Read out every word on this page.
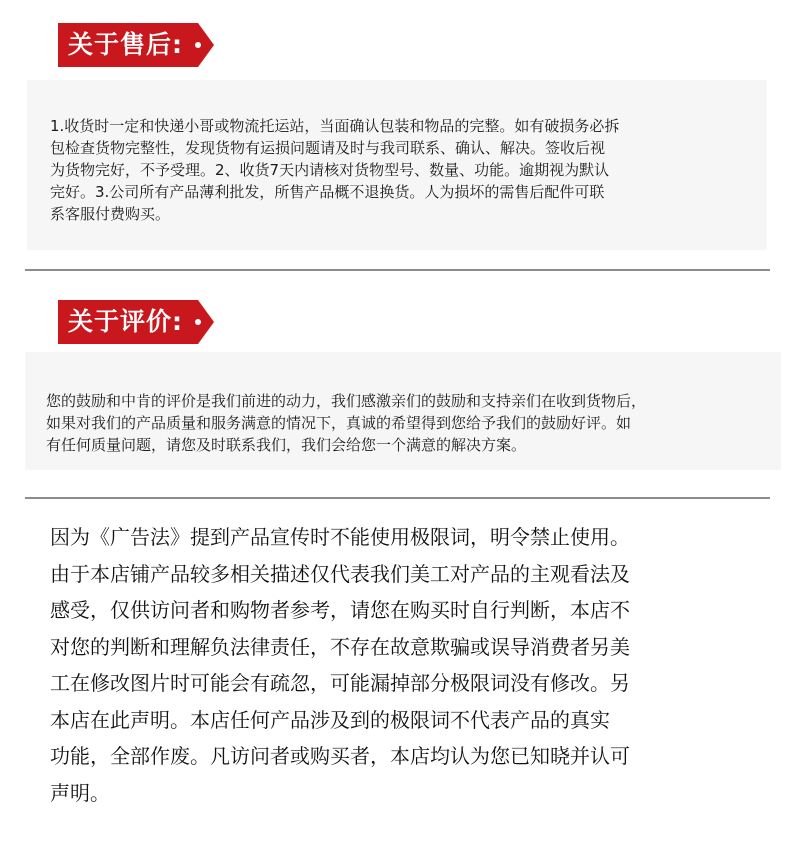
关于售后:
1.收货时一定和快递小哥或物流托运站，当面确认包装和物品的完整。如有破损务必拆
包检查货物完整性，发现货物有运损问题请及时与我司联系、确认、解决。签收后视
为货物完好，不予受理。2、收货7天内请核对货物型号、数量、功能。逾期视为默认
完好。3.公司所有产品薄利批发，所售产品概不退换货。人为损坏的需售后配件可联
系客服付费购买。
关于评价:
您的鼓励和中肯的评价是我们前进的动力，我们感激亲们的鼓励和支持亲们在收到货物后，
如果对我们的产品质量和服务满意的情况下，真诚的希望得到您给予我们的鼓励好评。如
有任何质量问题，请您及时联系我们，我们会给您一个满意的解决方案。
因为《广告法》提到产品宣传时不能使用极限词，明令禁止使用。
由于本店铺产品较多相关描述仅代表我们美工对产品的主观看法及
感受，仅供访问者和购物者参考，请您在购买时自行判断，本店不
对您的判断和理解负法律责任，不存在故意欺骗或误导消费者另美
工在修改图片时可能会有疏忽，可能漏掉部分极限词没有修改。另
本店在此声明。本店任何产品涉及到的极限词不代表产品的真实
功能，全部作废。凡访问者或购买者，本店均认为您已知晓并认可
声明。
